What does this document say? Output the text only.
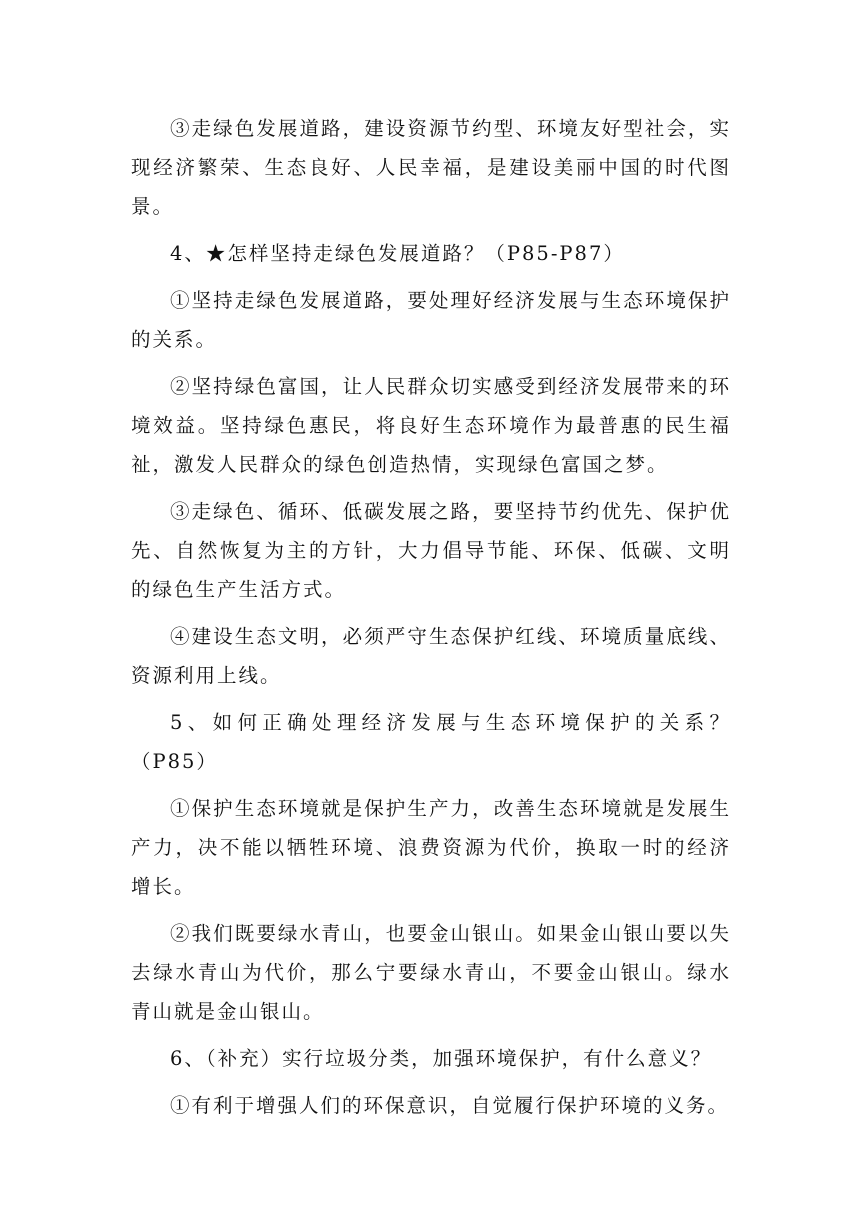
③走绿色发展道路，建设资源节约型、环境友好型社会，实现经济繁荣、生态良好、人民幸福，是建设美丽中国的时代图景。

4、★怎样坚持走绿色发展道路？（P85-P87）

①坚持走绿色发展道路，要处理好经济发展与生态环境保护的关系。

②坚持绿色富国，让人民群众切实感受到经济发展带来的环境效益。坚持绿色惠民，将良好生态环境作为最普惠的民生福祉，激发人民群众的绿色创造热情，实现绿色富国之梦。

③走绿色、循环、低碳发展之路，要坚持节约优先、保护优先、自然恢复为主的方针，大力倡导节能、环保、低碳、文明的绿色生产生活方式。

④建设生态文明，必须严守生态保护红线、环境质量底线、资源利用上线。

5、如何正确处理经济发展与生态环境保护的关系？（P85）

①保护生态环境就是保护生产力，改善生态环境就是发展生产力，决不能以牺牲环境、浪费资源为代价，换取一时的经济增长。

②我们既要绿水青山，也要金山银山。如果金山银山要以失去绿水青山为代价，那么宁要绿水青山，不要金山银山。绿水青山就是金山银山。

6、（补充）实行垃圾分类，加强环境保护，有什么意义？

①有利于增强人们的环保意识，自觉履行保护环境的义务。
